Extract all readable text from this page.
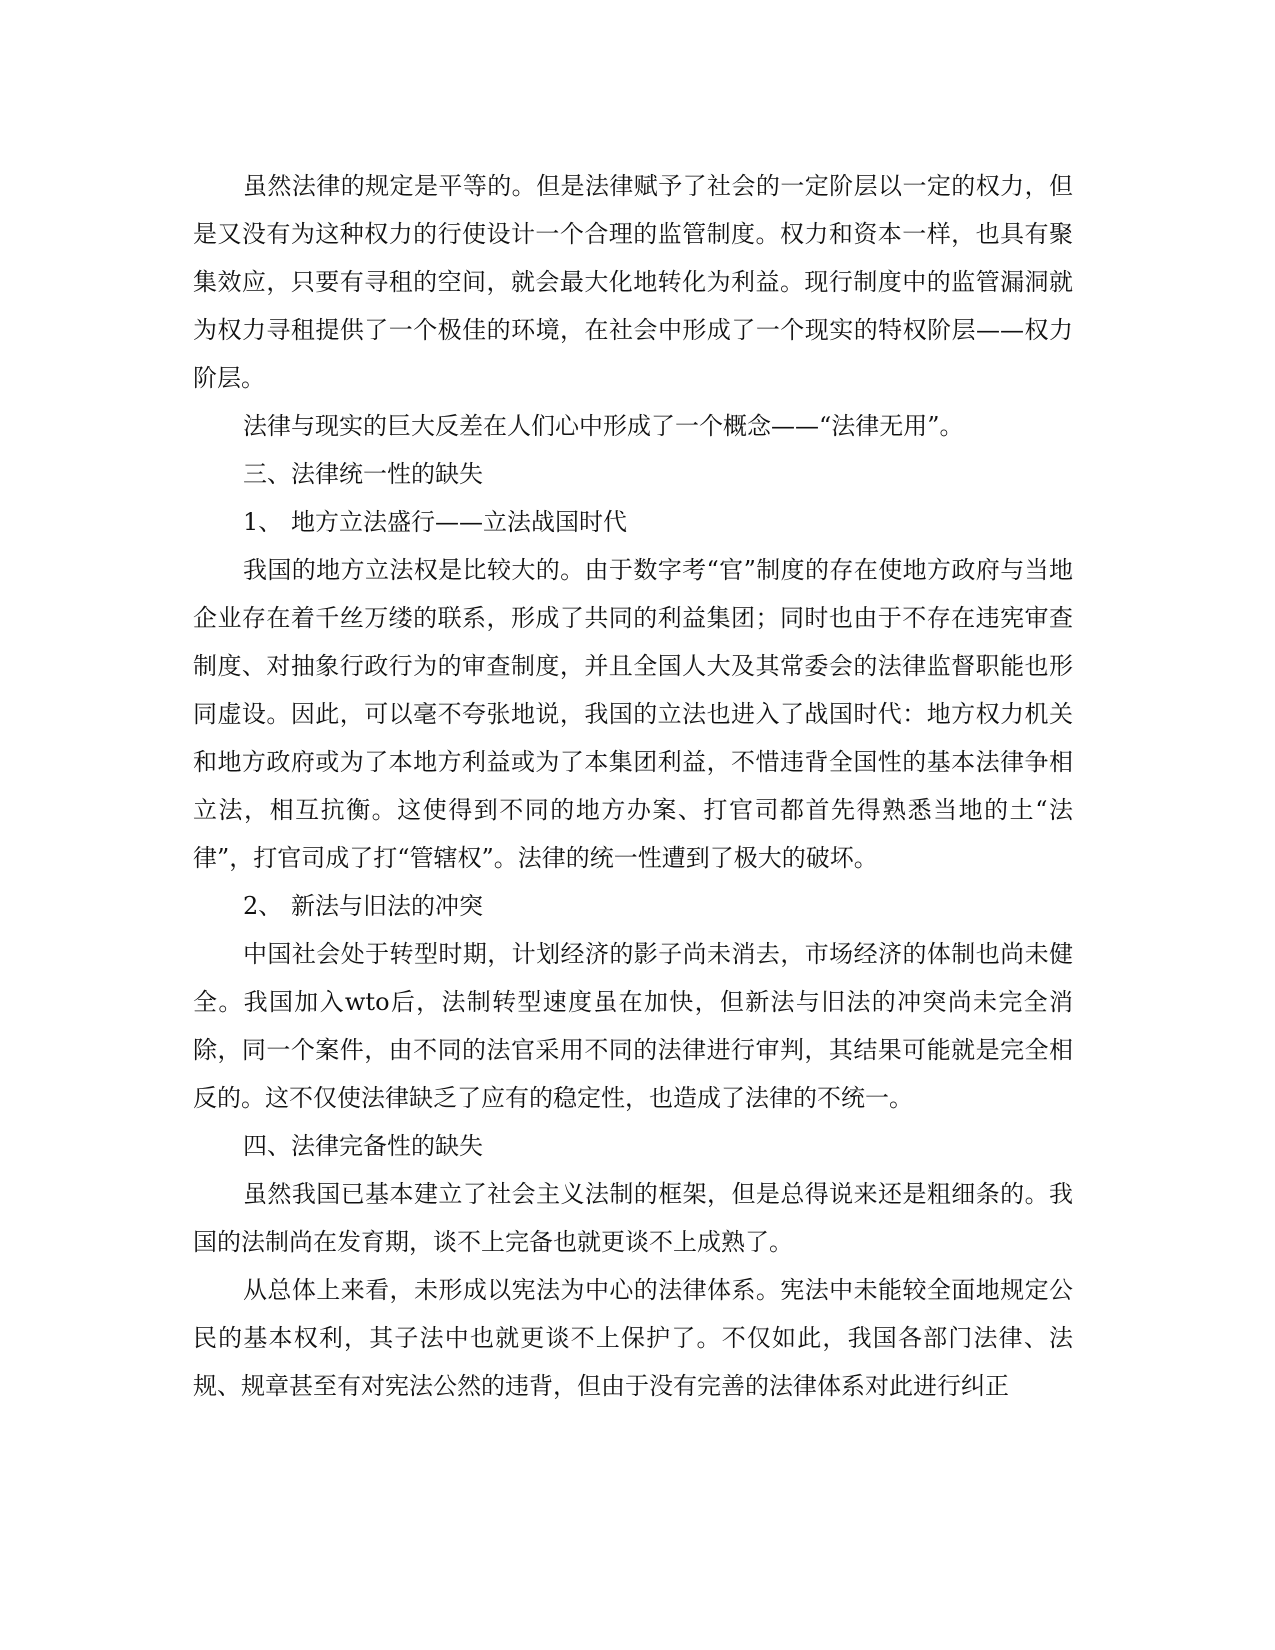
虽然法律的规定是平等的。但是法律赋予了社会的一定阶层以一定的权力，但是又没有为这种权力的行使设计一个合理的监管制度。权力和资本一样，也具有聚集效应，只要有寻租的空间，就会最大化地转化为利益。现行制度中的监管漏洞就为权力寻租提供了一个极佳的环境，在社会中形成了一个现实的特权阶层——权力阶层。

法律与现实的巨大反差在人们心中形成了一个概念——“法律无用”。

三、法律统一性的缺失

1、 地方立法盛行——立法战国时代

我国的地方立法权是比较大的。由于数字考“官”制度的存在使地方政府与当地企业存在着千丝万缕的联系，形成了共同的利益集团；同时也由于不存在违宪审查制度、对抽象行政行为的审查制度，并且全国人大及其常委会的法律监督职能也形同虚设。因此，可以毫不夸张地说，我国的立法也进入了战国时代：地方权力机关和地方政府或为了本地方利益或为了本集团利益，不惜违背全国性的基本法律争相立法，相互抗衡。这使得到不同的地方办案、打官司都首先得熟悉当地的土“法律”，打官司成了打“管辖权”。法律的统一性遭到了极大的破坏。

2、 新法与旧法的冲突

中国社会处于转型时期，计划经济的影子尚未消去，市场经济的体制也尚未健全。我国加入wto后，法制转型速度虽在加快，但新法与旧法的冲突尚未完全消除，同一个案件，由不同的法官采用不同的法律进行审判，其结果可能就是完全相反的。这不仅使法律缺乏了应有的稳定性，也造成了法律的不统一。

四、法律完备性的缺失

虽然我国已基本建立了社会主义法制的框架，但是总得说来还是粗细条的。我国的法制尚在发育期，谈不上完备也就更谈不上成熟了。

从总体上来看，未形成以宪法为中心的法律体系。宪法中未能较全面地规定公民的基本权利，其子法中也就更谈不上保护了。不仅如此，我国各部门法律、法规、规章甚至有对宪法公然的违背，但由于没有完善的法律体系对此进行纠正
